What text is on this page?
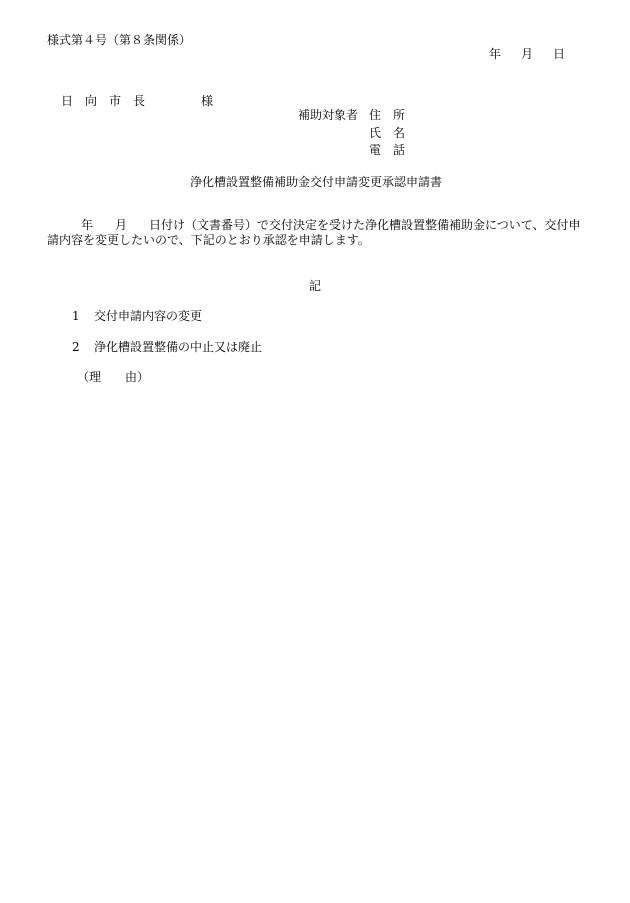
様式第４号（第８条関係）
年 月 日
日　向　市　長	様
補助対象者 住　所
氏　名
電　話
浄化槽設置整備補助金交付申請変更承認申請書
年 月 日付け（文書番号）で交付決定を受けた浄化槽設置整備補助金について、交付申請内容を変更したいので、下記のとおり承認を申請します。
記
1 交付申請内容の変更
2 浄化槽設置整備の中止又は廃止
（理　　由）
